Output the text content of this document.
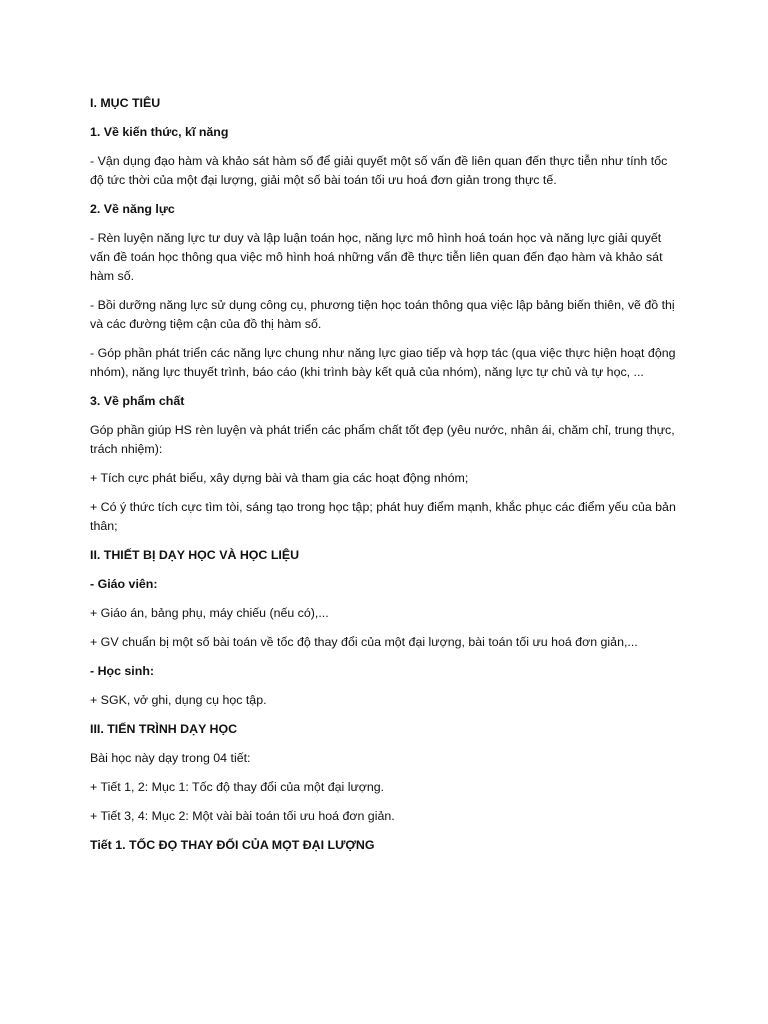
I. MỤC TIÊU

1. Về kiến thức, kĩ năng

- Vận dụng đạo hàm và khảo sát hàm số để giải quyết một số vấn đề liên quan đến thực tiễn như tính tốc độ tức thời của một đại lượng, giải một số bài toán tối ưu hoá đơn giản trong thực tế.

2. Về năng lực

- Rèn luyện năng lực tư duy và lập luận toán học, năng lực mô hình hoá toán học và năng lực giải quyết vấn đề toán học thông qua việc mô hình hoá những vấn đề thực tiễn liên quan đến đạo hàm và khảo sát hàm số.

- Bồi dưỡng năng lực sử dụng công cụ, phương tiện học toán thông qua việc lập bảng biến thiên, vẽ đồ thị và các đường tiệm cận của đồ thị hàm số.

- Góp phần phát triển các năng lực chung như năng lực giao tiếp và hợp tác (qua việc thực hiện hoạt động nhóm), năng lực thuyết trình, báo cáo (khi trình bày kết quả của nhóm), năng lực tự chủ và tự học, ...

3. Về phẩm chất

Góp phần giúp HS rèn luyện và phát triển các phẩm chất tốt đẹp (yêu nước, nhân ái, chăm chỉ, trung thực, trách nhiệm):

+ Tích cực phát biểu, xây dựng bài và tham gia các hoạt động nhóm;

+ Có ý thức tích cực tìm tòi, sáng tạo trong học tập; phát huy điểm mạnh, khắc phục các điểm yếu của bản thân;

II. THIẾT BỊ DẠY HỌC VÀ HỌC LIỆU

- Giáo viên:

+ Giáo án, bảng phụ, máy chiếu (nếu có),...

+ GV chuẩn bị một số bài toán về tốc độ thay đổi của một đại lượng, bài toán tối ưu hoá đơn giản,...

- Học sinh:

+ SGK, vở ghi, dụng cụ học tập.

III. TIẾN TRÌNH DẠY HỌC

Bài học này dạy trong 04 tiết:

+ Tiết 1, 2: Mục 1: Tốc độ thay đổi của một đại lượng.

+ Tiết 3, 4: Mục 2: Một vài bài toán tối ưu hoá đơn giản.

Tiết 1. TỐC ĐỌ THAY ĐỔI CỦA MỌT ĐẠI LƯỢNG
